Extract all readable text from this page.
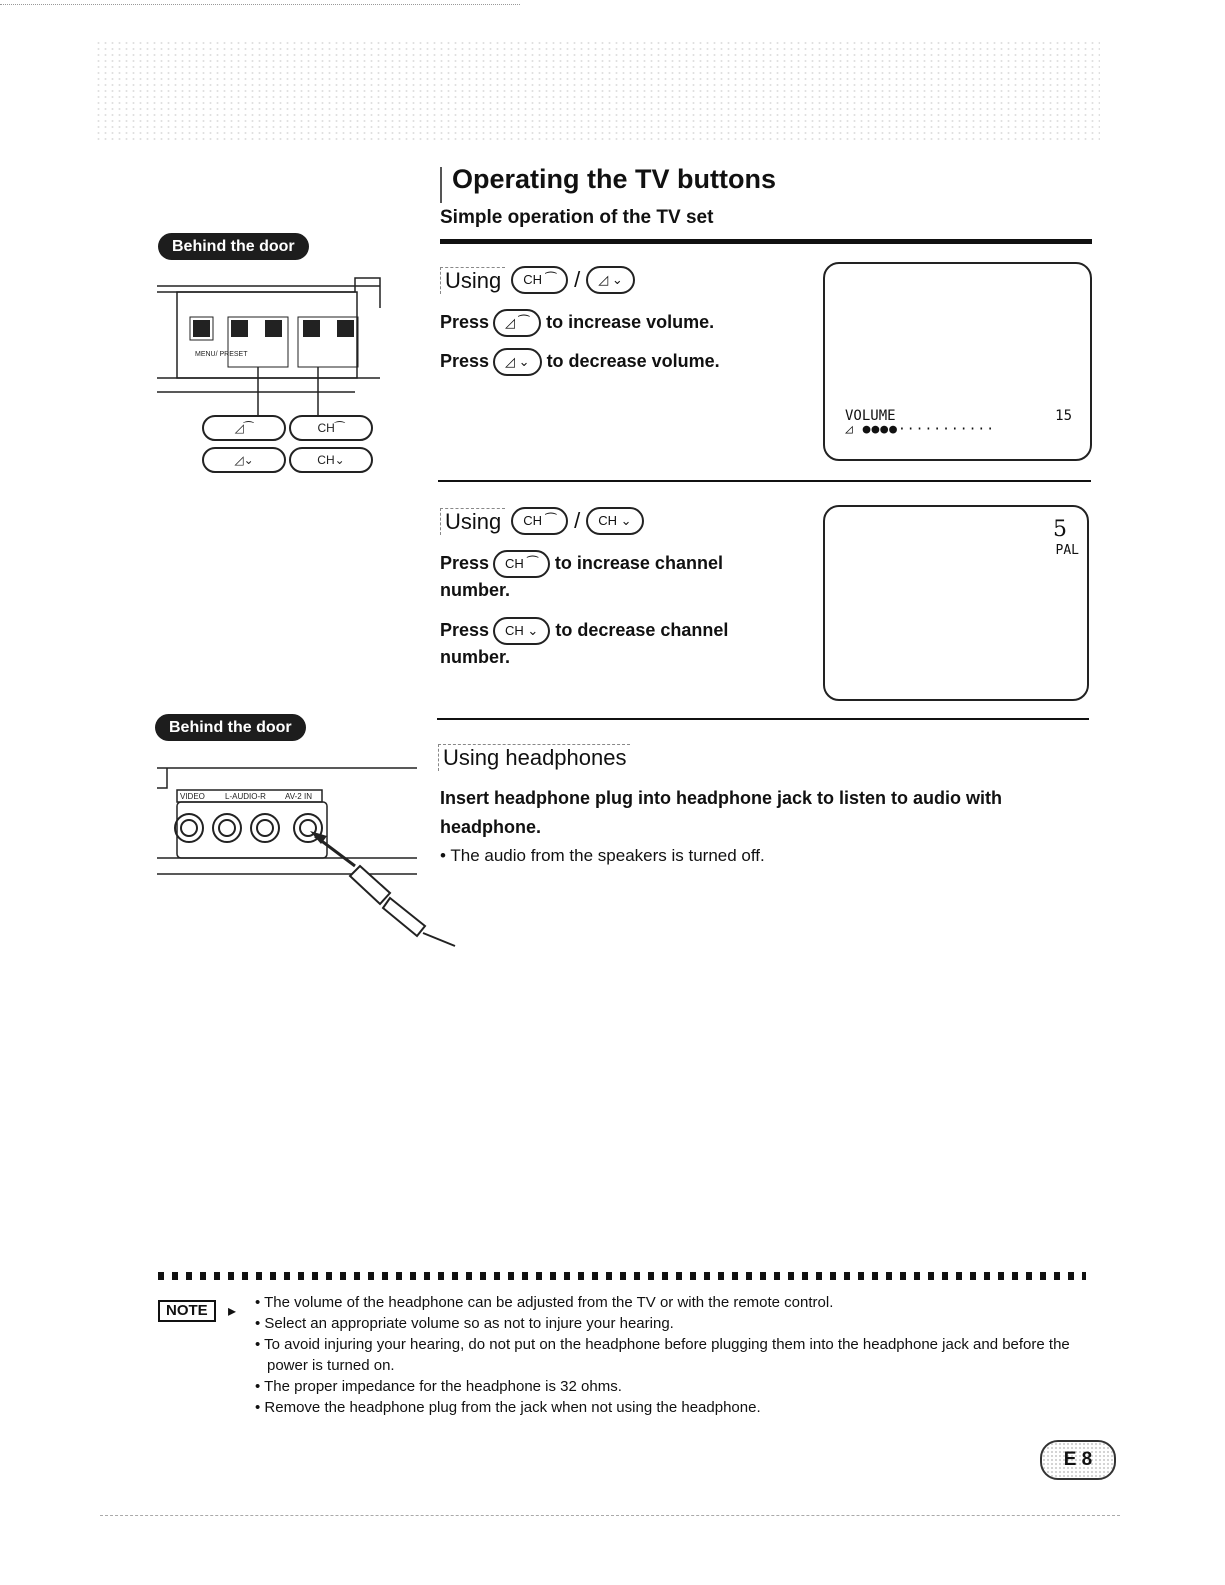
Operating the TV buttons
Simple operation of the TV set
Behind the door
MENU/ PRESET
◿⁀	CH⁀
◿⌄	CH⌄
Using	CH ⁀ /	◿ ⌄
Press ◿ ⁀ to increase volume.
Press ◿ ⌄ to decrease volume.
VOLUME	15
◿ ●●●●···········
Using	CH ⁀ /	CH ⌄
Press CH ⁀ to increase channel
number.
Press CH ⌄ to decrease channel
number.
5
PAL
Behind the door
VIDEO	L-AUDIO-R AV-2 IN
Using headphones
Insert headphone plug into headphone jack to listen to audio with
headphone.
• The audio from the speakers is turned off.
NOTE	▸
• The volume of the headphone can be adjusted from the TV or with the remote control.
• Select an appropriate volume so as not to injure your hearing.
• To avoid injuring your hearing, do not put on the headphone before plugging them into the headphone jack and before the power is turned on.
• The proper impedance for the headphone is 32 ohms.
• Remove the headphone plug from the jack when not using the headphone.
E 8
